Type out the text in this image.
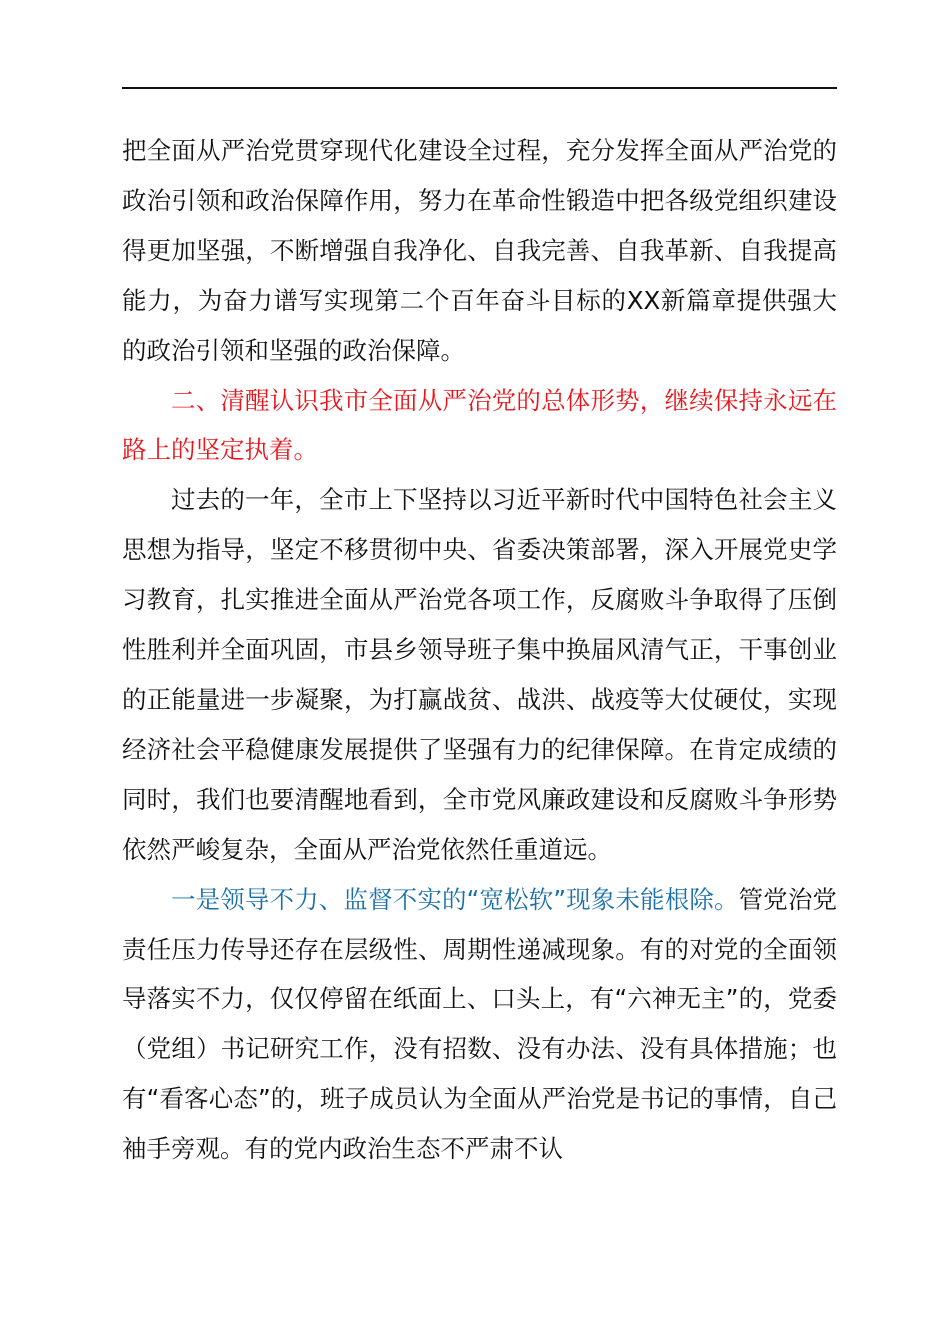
把全面从严治党贯穿现代化建设全过程，充分发挥全面从严治党的政治引领和政治保障作用，努力在革命性锻造中把各级党组织建设得更加坚强，不断增强自我净化、自我完善、自我革新、自我提高能力，为奋力谱写实现第二个百年奋斗目标的XX新篇章提供强大的政治引领和坚强的政治保障。

二、清醒认识我市全面从严治党的总体形势，继续保持永远在路上的坚定执着。

过去的一年，全市上下坚持以习近平新时代中国特色社会主义思想为指导，坚定不移贯彻中央、省委决策部署，深入开展党史学习教育，扎实推进全面从严治党各项工作，反腐败斗争取得了压倒性胜利并全面巩固，市县乡领导班子集中换届风清气正，干事创业的正能量进一步凝聚，为打赢战贫、战洪、战疫等大仗硬仗，实现经济社会平稳健康发展提供了坚强有力的纪律保障。在肯定成绩的同时，我们也要清醒地看到，全市党风廉政建设和反腐败斗争形势依然严峻复杂，全面从严治党依然任重道远。

一是领导不力、监督不实的“宽松软”现象未能根除。管党治党责任压力传导还存在层级性、周期性递减现象。有的对党的全面领导落实不力，仅仅停留在纸面上、口头上，有“六神无主”的，党委（党组）书记研究工作，没有招数、没有办法、没有具体措施；也有“看客心态”的，班子成员认为全面从严治党是书记的事情，自己袖手旁观。有的党内政治生态不严肃不认
